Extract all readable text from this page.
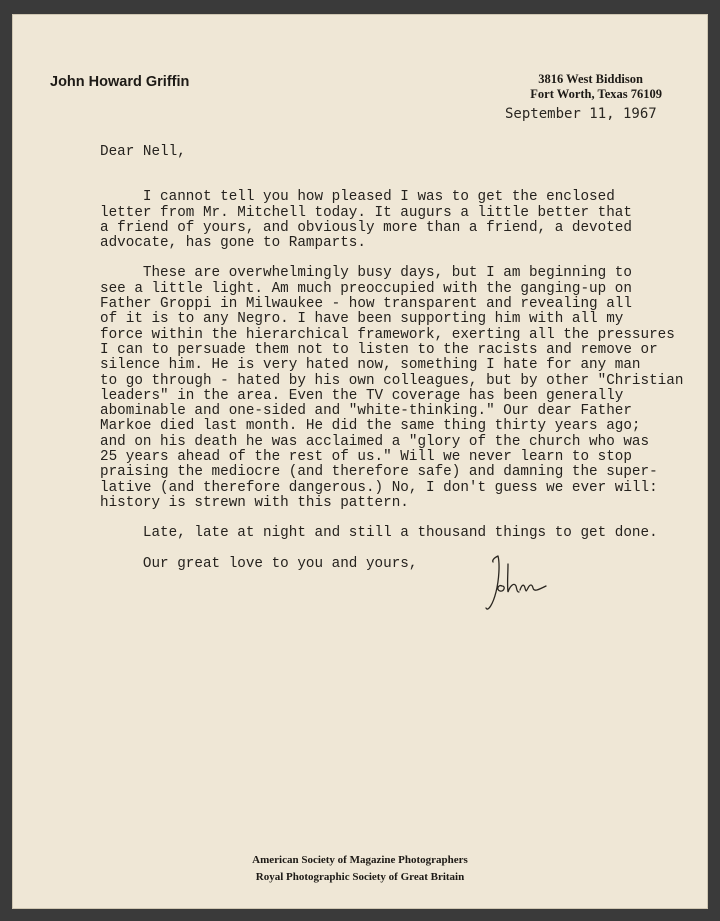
John Howard Griffin	3816 West Biddison
Fort Worth, Texas 76109
September 11, 1967

Dear Nell,

I cannot tell you how pleased I was to get the enclosed

letter from Mr. Mitchell today. It augurs a little better that

a friend of yours, and obviously more than a friend, a devoted

advocate, has gone to Ramparts.

These are overwhelmingly busy days, but I am beginning to

see a little light. Am much preoccupied with the ganging-up on

Father Groppi in Milwaukee - how transparent and revealing all

of it is to any Negro. I have been supporting him with all my

force within the hierarchical framework, exerting all the pressures

I can to persuade them not to listen to the racists and remove or

silence him. He is very hated now, something I hate for any man

to go through - hated by his own colleagues, but by other "Christian

leaders" in the area. Even the TV coverage has been generally

abominable and one-sided and "white-thinking." Our dear Father

Markoe died last month. He did the same thing thirty years ago;

and on his death he was acclaimed a "glory of the church who was

25 years ahead of the rest of us." Will we never learn to stop

praising the mediocre (and therefore safe) and damning the super-

lative (and therefore dangerous.) No, I don't guess we ever will:

history is strewn with this pattern.

Late, late at night and still a thousand things to get done.

Our great love to you and yours,

American Society of Magazine Photographers
Royal Photographic Society of Great Britain
